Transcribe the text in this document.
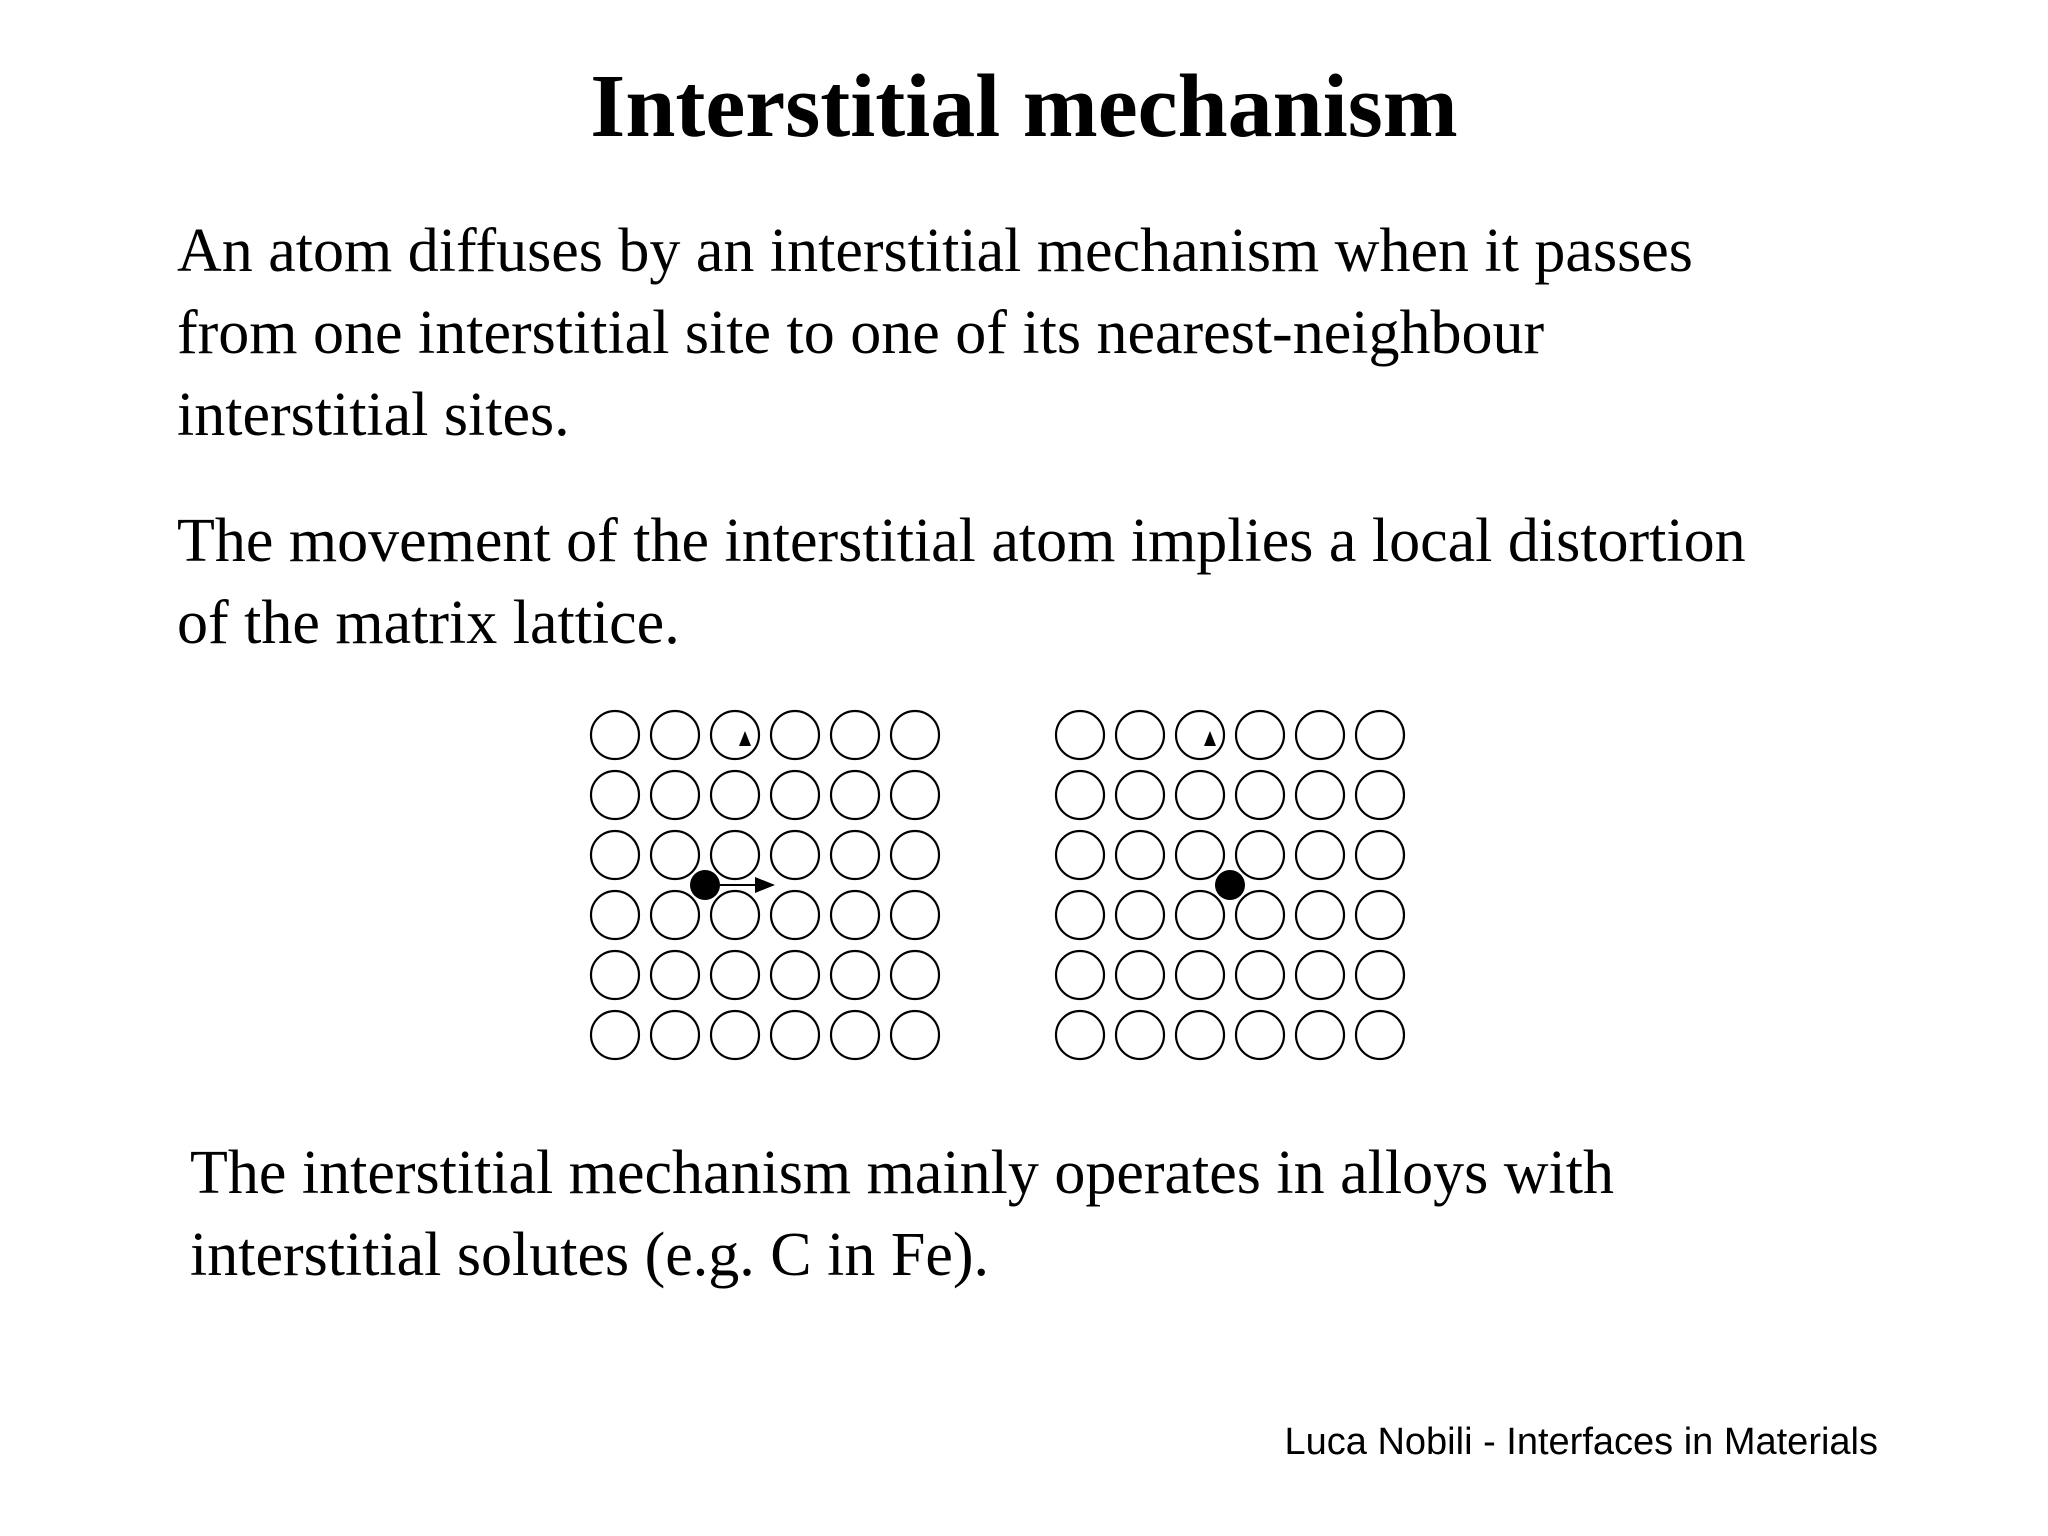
Interstitial mechanism
An atom diffuses by an interstitial mechanism when it passes
from one interstitial site to one of its nearest-neighbour
interstitial sites.
The movement of the interstitial atom implies a local distortion
of the matrix lattice.
The interstitial mechanism mainly operates in alloys with
interstitial solutes (e.g. C in Fe).
Luca Nobili - Interfaces in Materials
